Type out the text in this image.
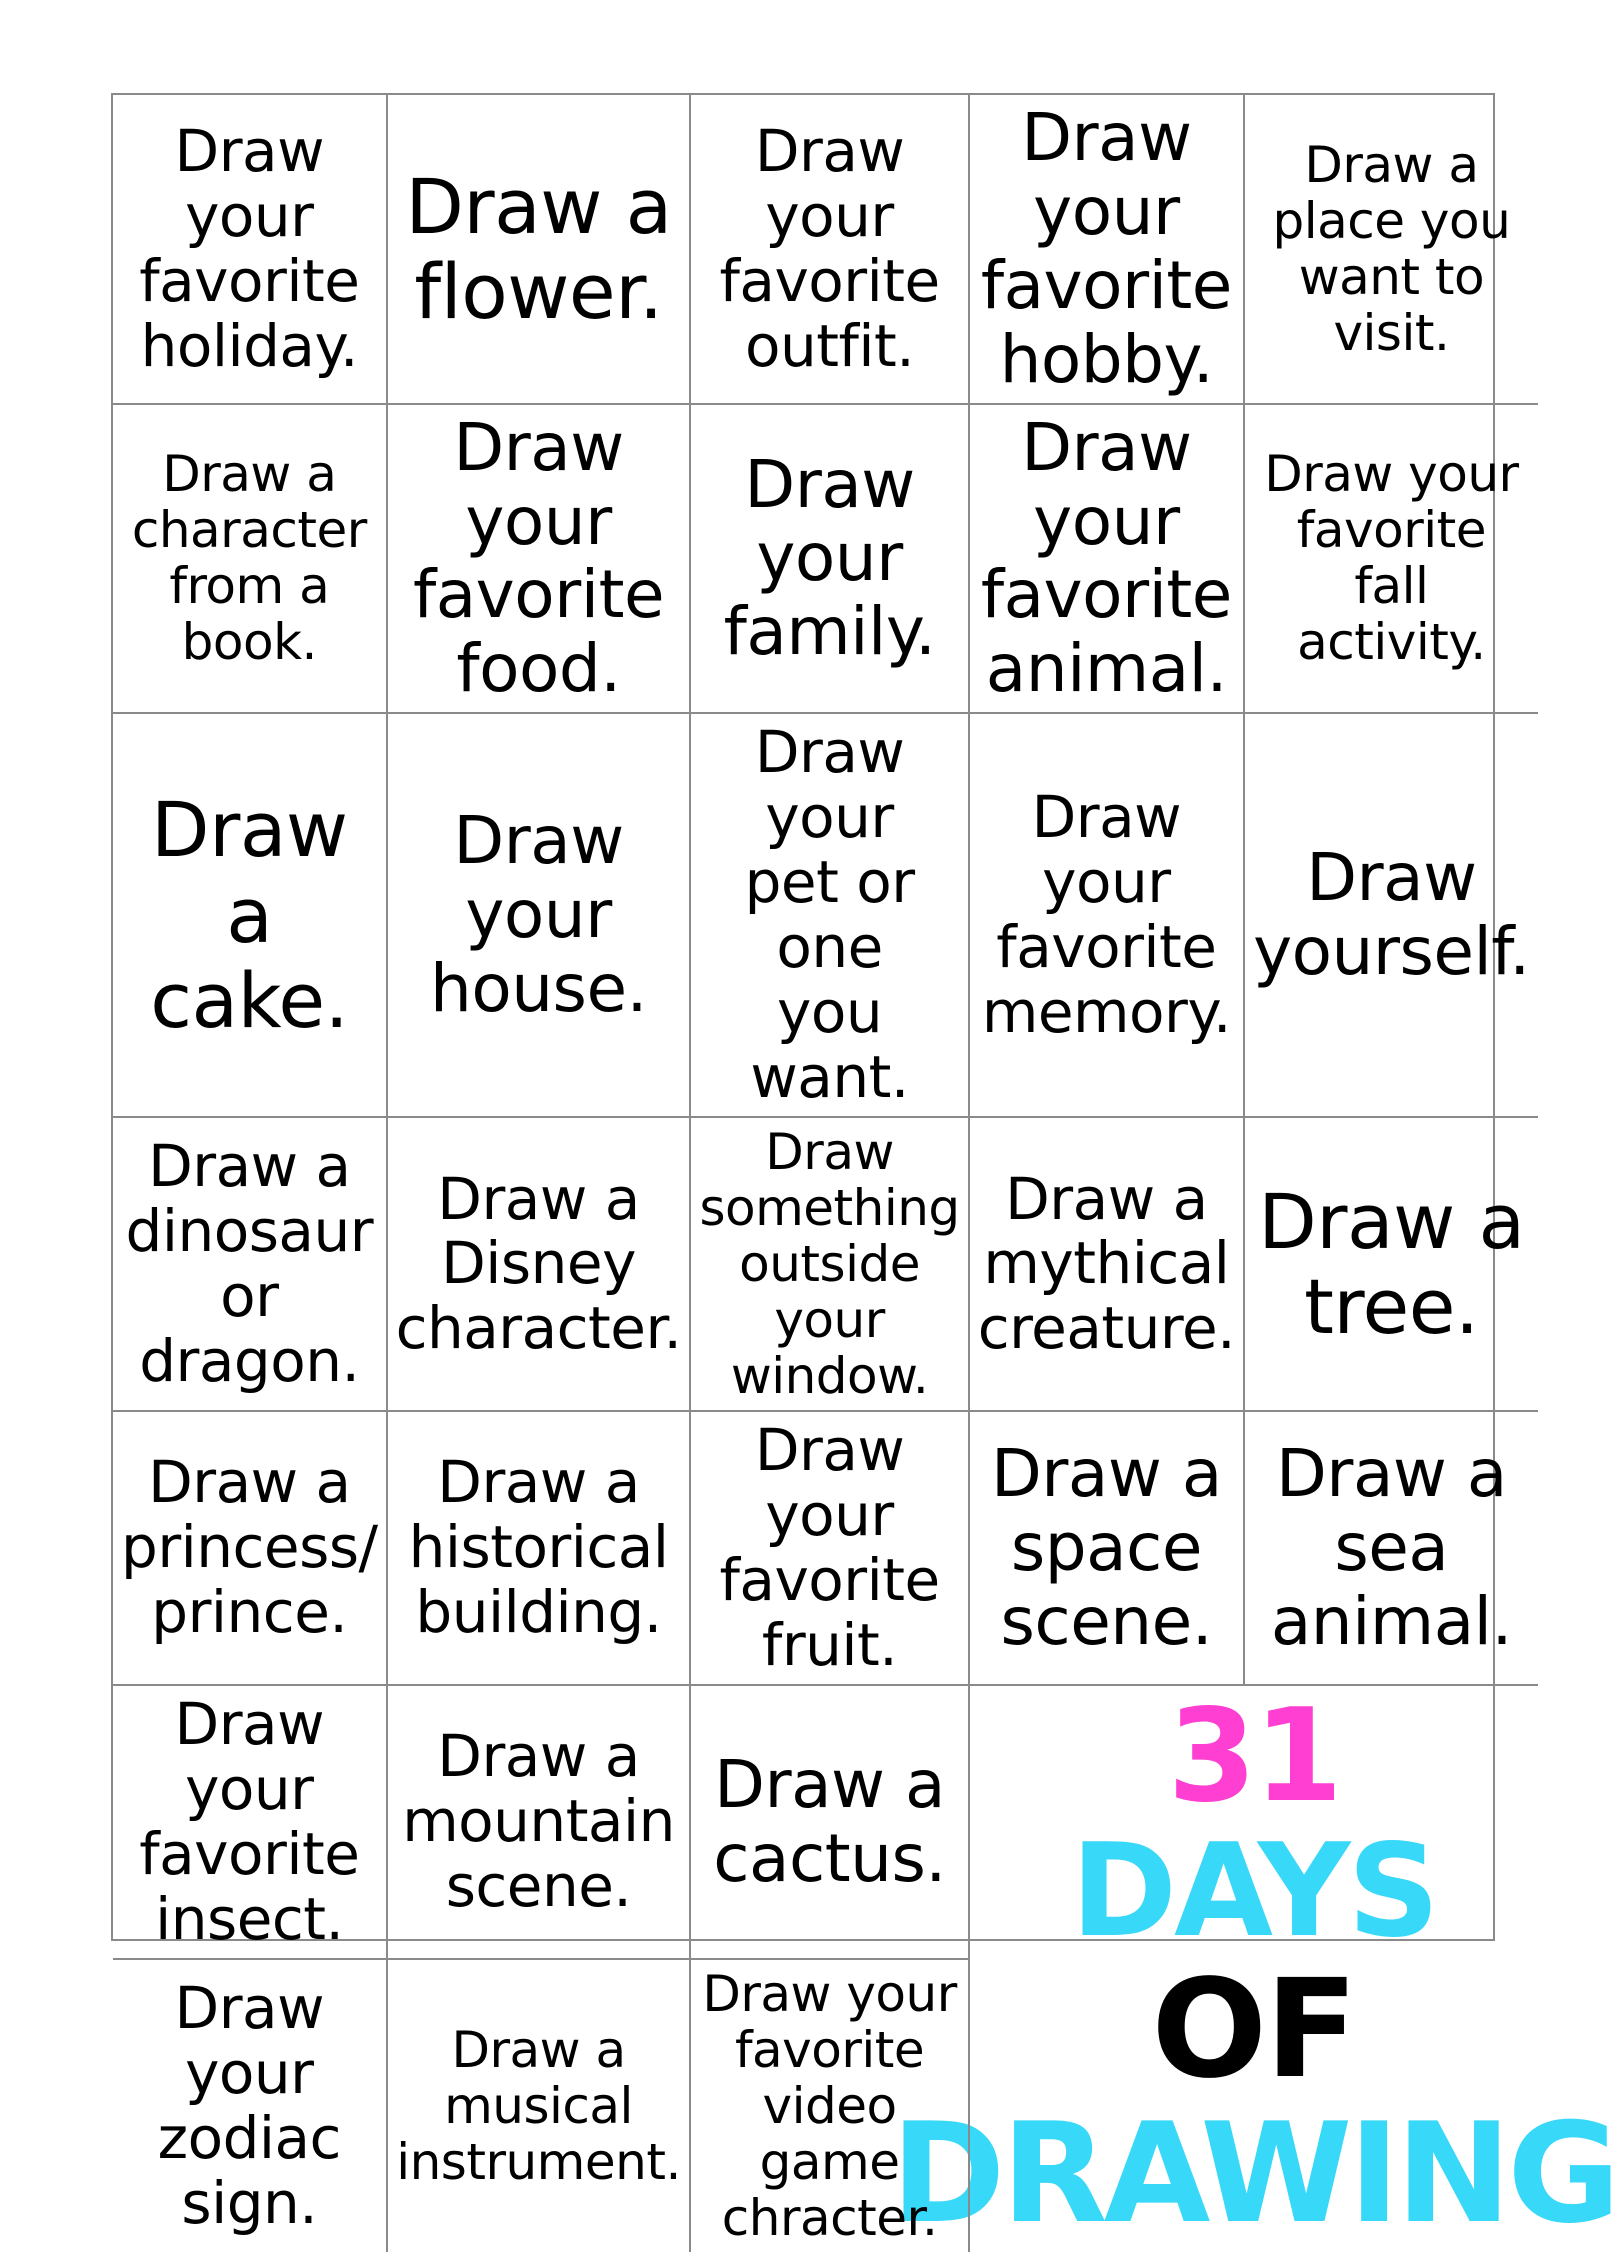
Draw your
favorite
holiday.
Draw a
flower.
Draw your
favorite
outfit.
Draw your
favorite
hobby.
Draw a
place you
want to visit.
Draw a
character
from a book.
Draw your
favorite
food.
Draw your
family.
Draw your
favorite
animal.
Draw your
favorite
fall activity.
Draw a
cake.
Draw your
house.
Draw your
pet or one
you want.
Draw your
favorite
memory.
Draw
yourself.
Draw a
dinosaur
or dragon.
Draw a
Disney
character.
Draw
something
outside
your window.
Draw a
mythical
creature.
Draw a
tree.
Draw a
princess/
prince.
Draw a
historical
building.
Draw your
favorite
fruit.
Draw a
space
scene.
Draw a
sea
animal.
Draw your
favorite
insect.
Draw a
mountain
scene.
Draw a
cactus.
31 DAYS
OF
DRAWING
Draw your
zodiac
sign.
Draw a
musical
instrument.
Draw your
favorite
video game
chracter.
